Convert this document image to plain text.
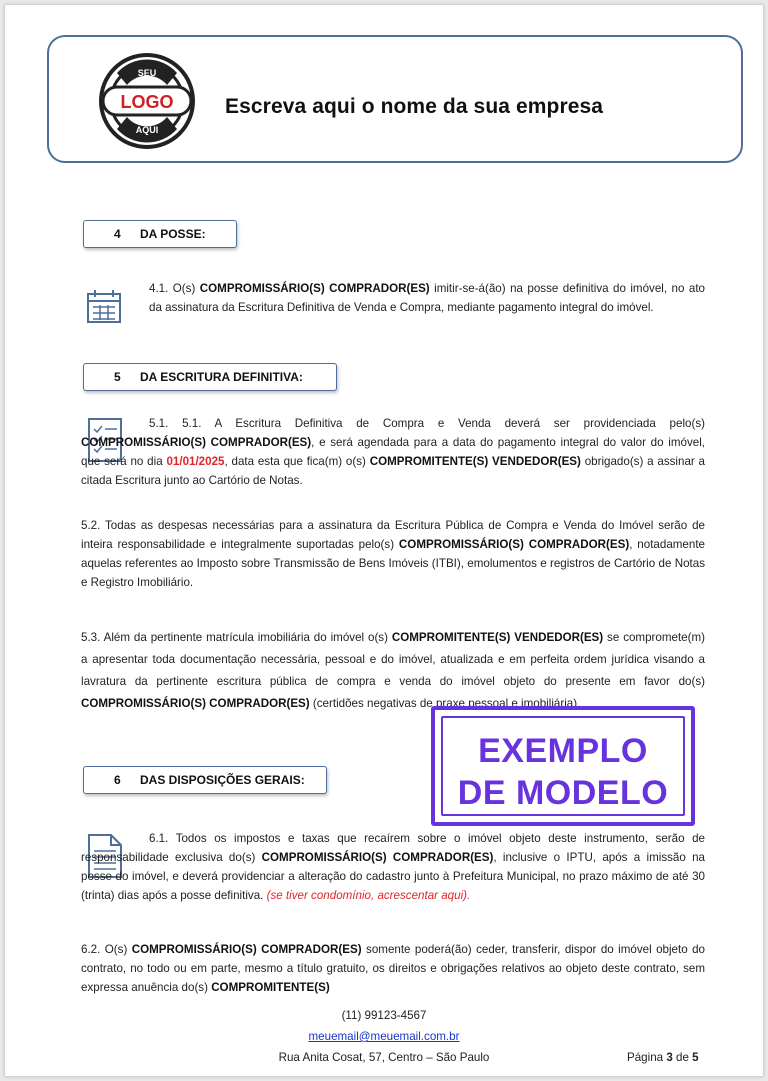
SEU
LOGO
AQUI
Escreva aqui o nome da sua empresa
4 DA POSSE:

4.1. O(s) COMPROMISSÁRIO(S) COMPRADOR(ES) imitir-se-á(ão) na posse definitiva do imóvel, no ato da assinatura da Escritura Definitiva de Venda e Compra, mediante pagamento integral do imóvel.

5 DA ESCRITURA DEFINITIVA:

5.1. 5.1. A Escritura Definitiva de Compra e Venda deverá ser providenciada pelo(s) COMPROMISSÁRIO(S) COMPRADOR(ES), e será agendada para a data do pagamento integral do valor do imóvel, que será no dia 01/01/2025, data esta que fica(m) o(s) COMPROMITENTE(S) VENDEDOR(ES) obrigado(s) a assinar a citada Escritura junto ao Cartório de Notas.

5.2. Todas as despesas necessárias para a assinatura da Escritura Pública de Compra e Venda do Imóvel serão de inteira responsabilidade e integralmente suportadas pelo(s) COMPROMISSÁRIO(S) COMPRADOR(ES), notadamente aquelas referentes ao Imposto sobre Transmissão de Bens Imóveis (ITBI), emolumentos e registros de Cartório de Notas e Registro Imobiliário.

5.3. Além da pertinente matrícula imobiliária do imóvel o(s) COMPROMITENTE(S) VENDEDOR(ES) se compromete(m) a apresentar toda documentação necessária, pessoal e do imóvel, atualizada e em perfeita ordem jurídica visando a lavratura da pertinente escritura pública de compra e venda do imóvel objeto do presente em favor do(s) COMPROMISSÁRIO(S) COMPRADOR(ES) (certidões negativas de praxe pessoal e imobiliária).

6 DAS DISPOSIÇÕES GERAIS:

6.1. Todos os impostos e taxas que recaírem sobre o imóvel objeto deste instrumento, serão de responsabilidade exclusiva do(s) COMPROMISSÁRIO(S) COMPRADOR(ES), inclusive o IPTU, após a imissão na posse do imóvel, e deverá providenciar a alteração do cadastro junto à Prefeitura Municipal, no prazo máximo de até 30 (trinta) dias após a posse definitiva. (se tiver condomínio, acrescentar aqui).

6.2. O(s) COMPROMISSÁRIO(S) COMPRADOR(ES) somente poderá(ão) ceder, transferir, dispor do imóvel objeto do contrato, no todo ou em parte, mesmo a título gratuito, os direitos e obrigações relativos ao objeto deste contrato, sem expressa anuência do(s) COMPROMITENTE(S)

EXEMPLO
DE MODELO
(11) 99123-4567
meuemail@meuemail.com.br
Rua Anita Cosat, 57, Centro – São Paulo	Página 3 de 5
